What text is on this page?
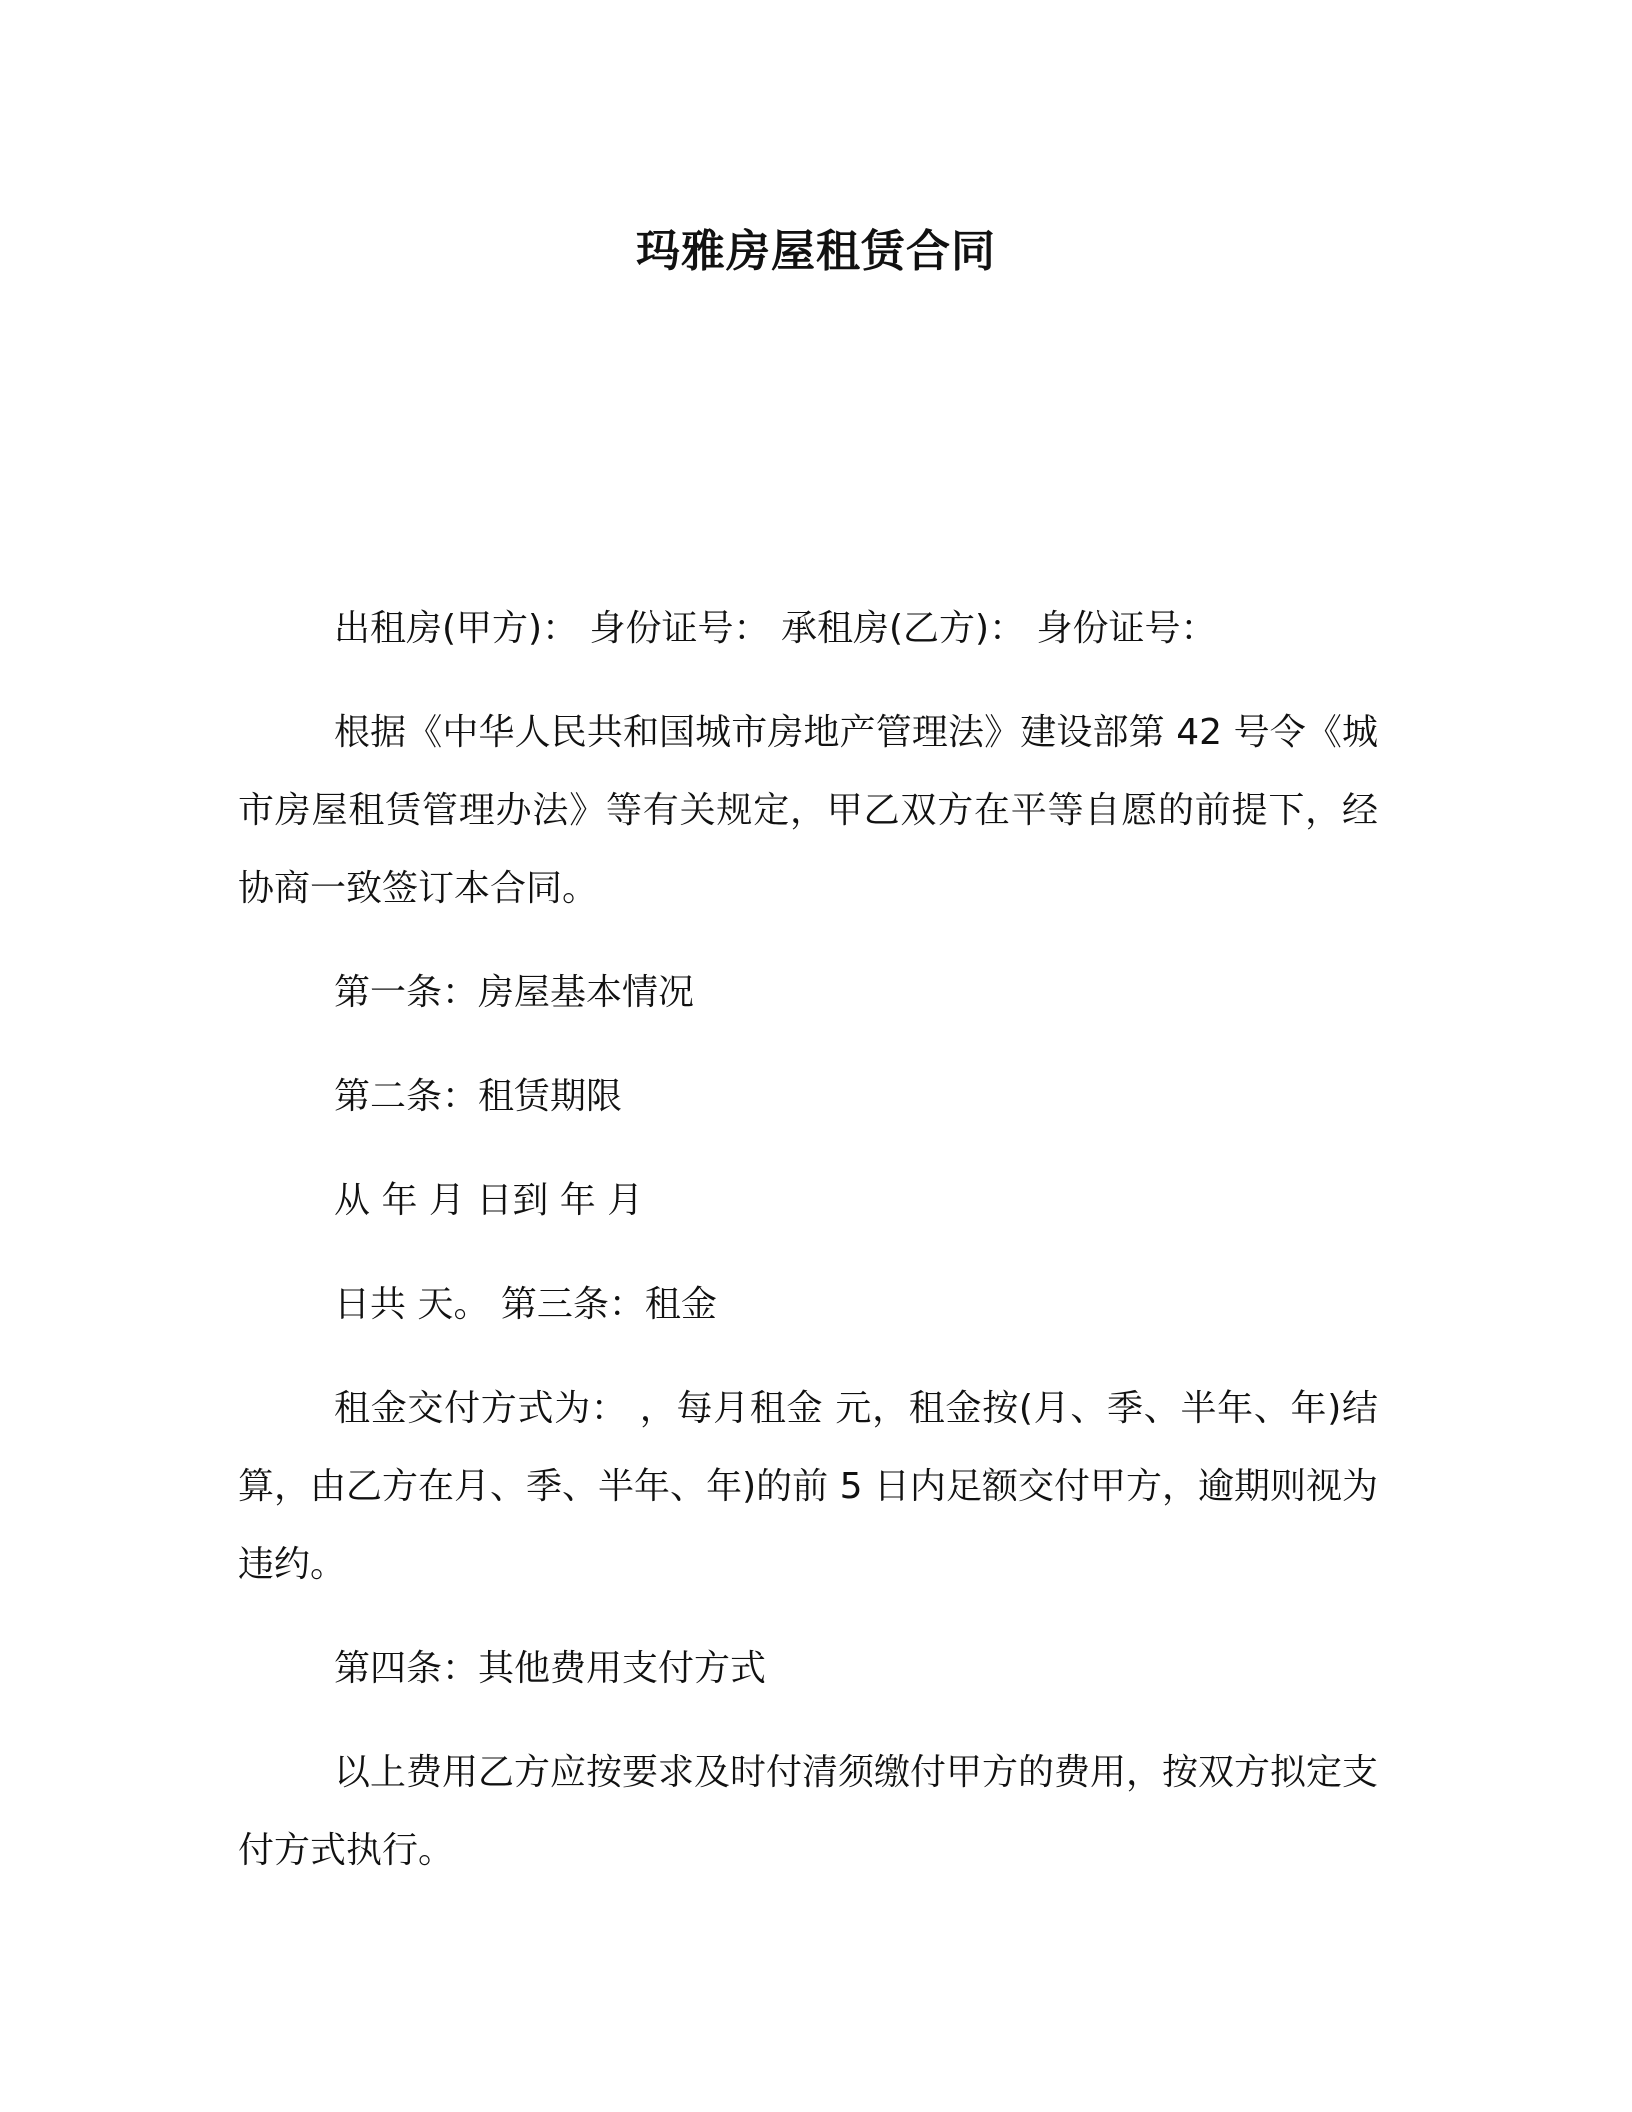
玛雅房屋租赁合同

出租房(甲方)： 身份证号： 承租房(乙方)： 身份证号：

根据《中华人民共和国城市房地产管理法》建设部第 42 号令《城市房屋租赁管理办法》等有关规定，甲乙双方在平等自愿的前提下，经协商一致签订本合同。

第一条：房屋基本情况

第二条：租赁期限

从 年 月 日到 年 月

日共 天。 第三条：租金

租金交付方式为： ，每月租金 元，租金按(月、季、半年、年)结算，由乙方在月、季、半年、年)的前 5 日内足额交付甲方，逾期则视为违约。

第四条：其他费用支付方式

以上费用乙方应按要求及时付清须缴付甲方的费用，按双方拟定支付方式执行。
